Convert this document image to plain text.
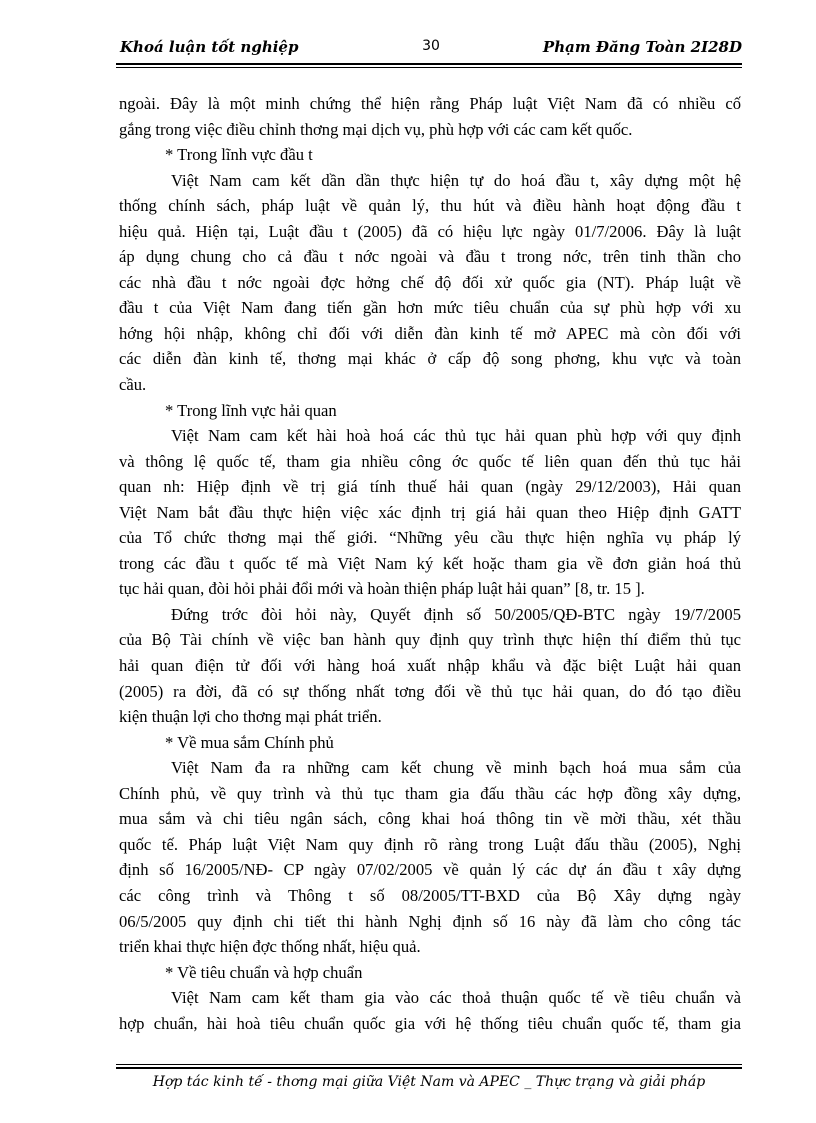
Khoá luận tốt nghiệp	30	Phạm Đăng Toàn 2I28D
ngoài. Đây là một minh chứng thể hiện rằng Pháp luật Việt Nam đã có nhiều cố
gắng trong việc điều chỉnh thơng mại dịch vụ, phù hợp với các cam kết quốc.
* Trong lĩnh vực đầu t
Việt Nam cam kết dần dần thực hiện tự do hoá đầu t, xây dựng một hệ
thống chính sách, pháp luật về quản lý, thu hút và điều hành hoạt động đầu t
hiệu quả. Hiện tại, Luật đầu t (2005) đã có hiệu lực ngày 01/7/2006. Đây là luật
áp dụng chung cho cả đầu t nớc ngoài và đầu t trong nớc, trên tinh thần cho
các nhà đầu t nớc ngoài đợc hởng chế độ đối xử quốc gia (NT). Pháp luật về
đầu t của Việt Nam đang tiến gần hơn mức tiêu chuẩn của sự phù hợp với xu
hớng hội nhập, không chỉ đối với diễn đàn kinh tế mở APEC mà còn đối với
các diễn đàn kinh tế, thơng mại khác ở cấp độ song phơng, khu vực và toàn
cầu.
* Trong lĩnh vực hải quan
Việt Nam cam kết hài hoà hoá các thủ tục hải quan phù hợp với quy định
và thông lệ quốc tế, tham gia nhiều công ớc quốc tế liên quan đến thủ tục hải
quan nh: Hiệp định về trị giá tính thuế hải quan (ngày 29/12/2003), Hải quan
Việt Nam bắt đầu thực hiện việc xác định trị giá hải quan theo Hiệp định GATT
của Tổ chức thơng mại thế giới. “Những yêu cầu thực hiện nghĩa vụ pháp lý
trong các đầu t quốc tế mà Việt Nam ký kết hoặc tham gia về đơn giản hoá thủ
tục hải quan, đòi hỏi phải đổi mới và hoàn thiện pháp luật hải quan” [8, tr. 15 ].
Đứng trớc đòi hỏi này, Quyết định số 50/2005/QĐ-BTC ngày 19/7/2005
của Bộ Tài chính về việc ban hành quy định quy trình thực hiện thí điểm thủ tục
hải quan điện tử đối với hàng hoá xuất nhập khẩu và đặc biệt Luật hải quan
(2005) ra đời, đã có sự thống nhất tơng đối về thủ tục hải quan, do đó tạo điều
kiện thuận lợi cho thơng mại phát triển.
* Về mua sắm Chính phủ
Việt Nam đa ra những cam kết chung về minh bạch hoá mua sắm của
Chính phủ, về quy trình và thủ tục tham gia đấu thầu các hợp đồng xây dựng,
mua sắm và chi tiêu ngân sách, công khai hoá thông tin về mời thầu, xét thầu
quốc tế. Pháp luật Việt Nam quy định rõ ràng trong Luật đấu thầu (2005), Nghị
định số 16/2005/NĐ- CP ngày 07/02/2005 về quản lý các dự án đầu t xây dựng
các công trình và Thông t số 08/2005/TT-BXD của Bộ Xây dựng ngày
06/5/2005 quy định chi tiết thi hành Nghị định số 16 này đã làm cho công tác
triển khai thực hiện đợc thống nhất, hiệu quả.
* Về tiêu chuẩn và hợp chuẩn
Việt Nam cam kết tham gia vào các thoả thuận quốc tế về tiêu chuẩn và
hợp chuẩn, hài hoà tiêu chuẩn quốc gia với hệ thống tiêu chuẩn quốc tế, tham gia
Hợp tác kinh tế - thơng mại giữa Việt Nam và APEC _ Thực trạng và giải pháp
